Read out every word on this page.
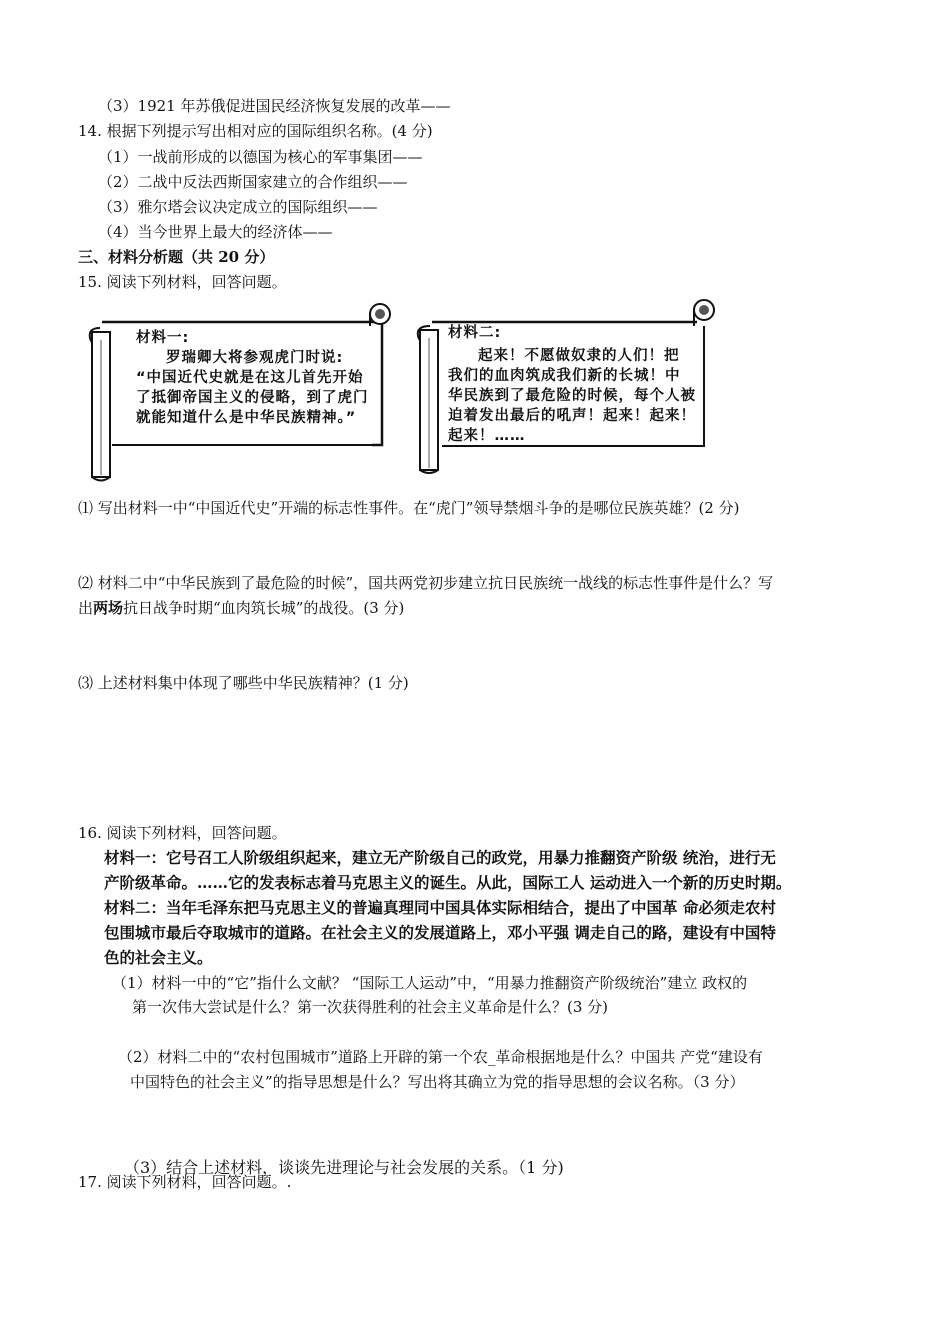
（3）1921 年苏俄促进国民经济恢复发展的改革——
14. 根据下列提示写出相对应的国际组织名称。(4 分)
（1）一战前形成的以德国为核心的军事集团——
（2）二战中反法西斯国家建立的合作组织——
（3）雅尔塔会议决定成立的国际组织——
（4）当今世界上最大的经济体——
三、材料分析题（共 20 分）
15. 阅读下列材料，回答问题。
材料一:
罗瑞卿大将参观虎门时说:
“中国近代史就是在这儿首先开始
了抵御帝国主义的侵略，到了虎门
就能知道什么是中华民族精神。”
材料二:
起来！不愿做奴隶的人们！把
我们的血肉筑成我们新的长城！中
华民族到了最危险的时候，每个人被
迫着发出最后的吼声！起来！起来！
起来！……
⑴ 写出材料一中“中国近代史”开端的标志性事件。在“虎门”领导禁烟斗争的是哪位民族英雄？(2 分)
⑵ 材料二中“中华民族到了最危险的时候”，国共两党初步建立抗日民族统一战线的标志性事件是什么？写
出两场抗日战争时期“血肉筑长城”的战役。(3 分)
⑶ 上述材料集中体现了哪些中华民族精神？(1 分)
16. 阅读下列材料，回答问题。
材料一：它号召工人阶级组织起来，建立无产阶级自己的政党，用暴力推翻资产阶级 统治，进行无
产阶级革命。……它的发表标志着马克思主义的诞生。从此，国际工人 运动进入一个新的历史时期。
材料二：当年毛泽东把马克思主义的普遍真理同中国具体实际相结合，提出了中国革 命必须走农村
包围城市最后夺取城市的道路。在社会主义的发展道路上，邓小平强 调走自己的路，建设有中国特
色的社会主义。
（1）材料一中的“它”指什么文献？ “国际工人运动”中，“用暴力推翻资产阶级统治”建立 政权的
第一次伟大尝试是什么？第一次获得胜利的社会主义革命是什么？(3 分)
（2）材料二中的“农村包围城市”道路上开辟的第一个农_革命根据地是什么？中国共 产党“建设有
中国特色的社会主义”的指导思想是什么？写出将其确立为党的指导思想的会议名称。（3 分）
（3）结合上述材料，谈谈先进理论与社会发展的关系。（1 分)
17. 阅读下列材料，回答问题。.
